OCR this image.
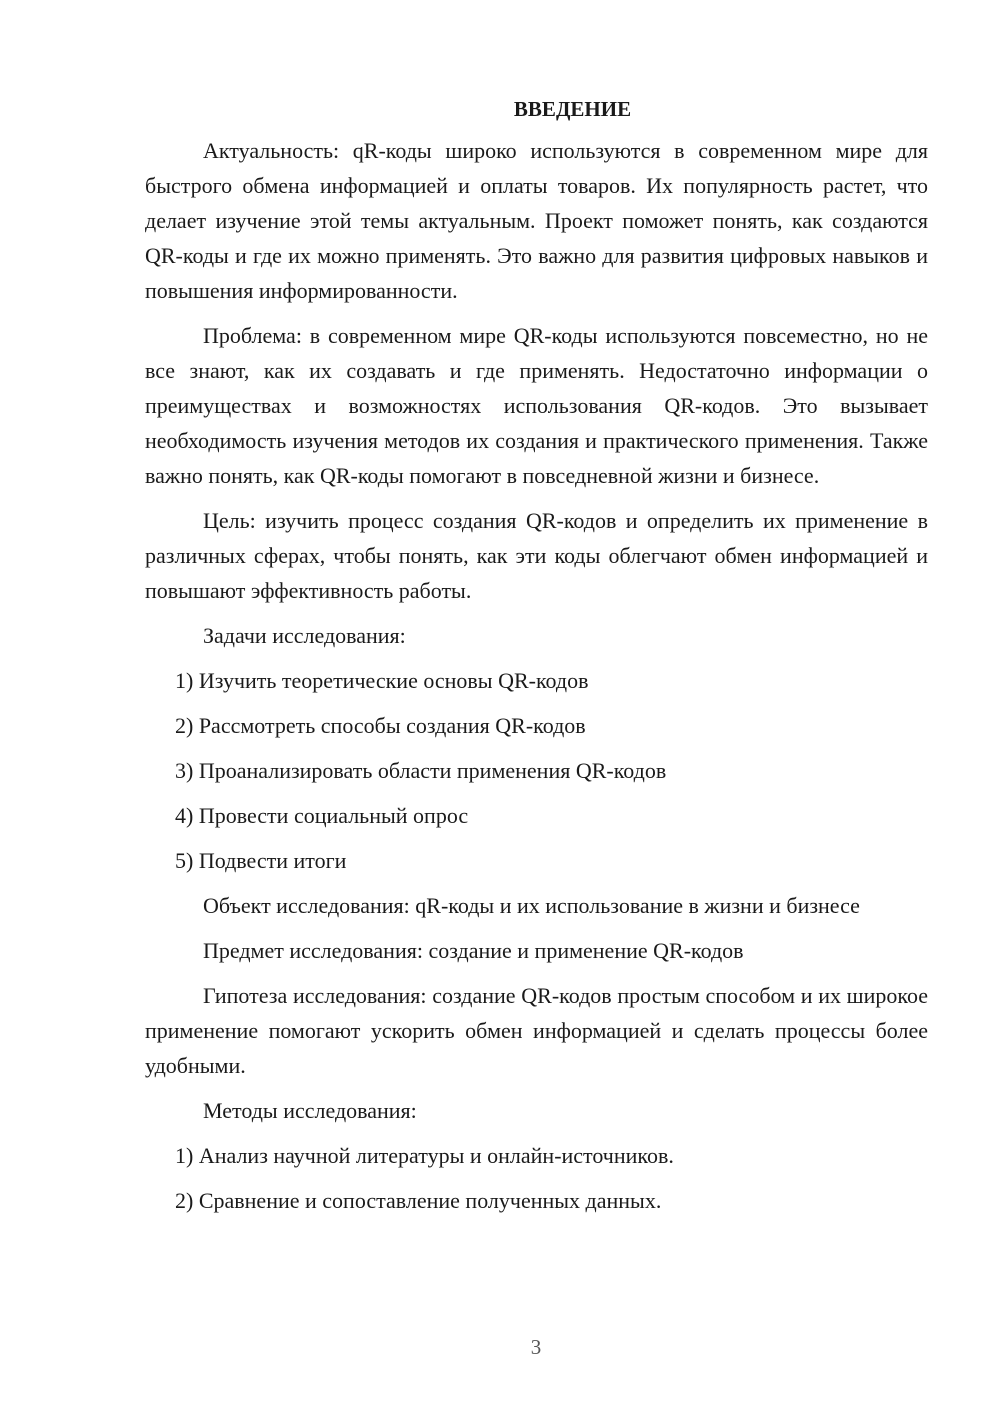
ВВЕДЕНИЕ

Актуальность: qR-коды широко используются в современном мире для быстрого обмена информацией и оплаты товаров. Их популярность растет, что делает изучение этой темы актуальным. Проект поможет понять, как создаются QR-коды и где их можно применять. Это важно для развития цифровых навыков и повышения информированности.

Проблема: в современном мире QR-коды используются повсеместно, но не все знают, как их создавать и где применять. Недостаточно информации о преимуществах и возможностях использования QR-кодов. Это вызывает необходимость изучения методов их создания и практического применения. Также важно понять, как QR-коды помогают в повседневной жизни и бизнесе.

Цель: изучить процесс создания QR-кодов и определить их применение в различных сферах, чтобы понять, как эти коды облегчают обмен информацией и повышают эффективность работы.

Задачи исследования:

1) Изучить теоретические основы QR-кодов
2) Рассмотреть способы создания QR-кодов
3) Проанализировать области применения QR-кодов
4) Провести социальный опрос
5) Подвести итоги

Объект исследования: qR-коды и их использование в жизни и бизнесе

Предмет исследования: создание и применение QR-кодов

Гипотеза исследования: создание QR-кодов простым способом и их широкое применение помогают ускорить обмен информацией и сделать процессы более удобными.

Методы исследования:

1) Анализ научной литературы и онлайн-источников.
2) Сравнение и сопоставление полученных данных.
3
